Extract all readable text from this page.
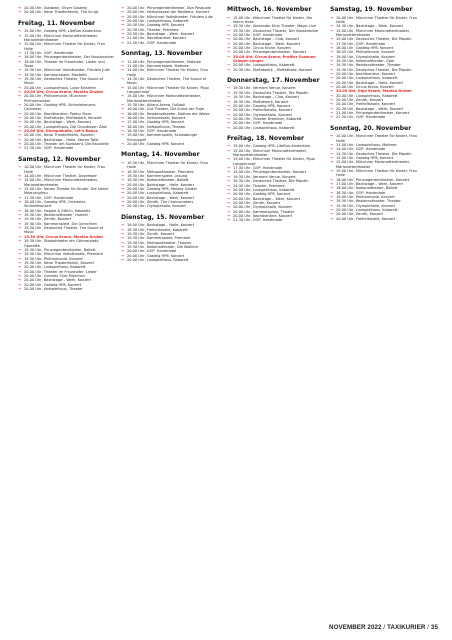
→ 20.00 Uhr, Subtown, Oliver Gasteig
→ 20.00 Uhr, Neue Theaterfabrik, The Script
Freitag, 11. November
→ 15.00 Uhr, Gasteig HP8, LiteRun-Kinderkino
→ 15.00 Uhr, Münchner Marionettentheater, Marionettentheater
→ 15.00 Uhr, Münchner Theater für Kinder, Frau Holle
→ 17.30 Uhr, GOP, Handmade
→ 19.00 Uhr, Prinzregententheater, Der Nussknacker
→ 19.00 Uhr, Theater im Fraunhofer, Lieder und Texte
→ 19.30 Uhr, Münchner Volkstheater, Fräulein Julie
→ 19.30 Uhr, Kammerspiele, Macbeth
→ 19.30 Uhr, Deutsches Theater, The Sound of Music
→ 20.00 Uhr, Lustspielhaus, Luise Kinseher
→ 20.00 Uhr, Circus Krone, Monika Gruber
→ 20.00 Uhr, Philharmonie, Münchner Philharmoniker
→ 20.00 Uhr, Gasteig HP8, Sinfoniekonzert, Orchester
→ 20.00 Uhr, Nachtkantine, Poetry Slam
→ 20.00 Uhr, Muffathalle, Muffatwerk, Konzert
→ 20.00 Uhr, Backstage – Werk, Konzert
→ 20.00 Uhr, Lustspielhaus, Die Grandiosen Zwei
→ 20.00 Uhr, Olympiahalle, Let’s Dance
→ 20.00 Uhr, Neue Theaterfabrik, Konzert
→ 20.00 Uhr, Backstage – Halle, Stereo Total
→ 20.00 Uhr, Theater am Sozialamt, Die Baustelle
→ 21.30 Uhr, GOP, Handmade
Samstag, 12. November
→ 10.00 Uhr, Münchner Theater für Kinder, Frau Holle
→ 14.00 Uhr, Münchner Theater, Dezember
→ 15.00 Uhr, Münchner Marionettentheater, Marionettentheater
→ 15.00 Uhr, Neues Theater für Kinder, Die kleine Meerjungfrau
→ 17.30 Uhr, GOP, Handmade
→ 18.00 Uhr, Gasteig HP8, Orchester, Sinfoniekonzert
→ 18.00 Uhr, Heppel & Ettlich, Kabarett
→ 19.30 Uhr, Residenztheater, Hamlet
→ 19.30 Uhr, Zenith, Konzert
→ 19.30 Uhr, Kammerspiele, Die Gerechten
→ 19.30 Uhr, Deutsches Theater, The Sound of Music
→ 19.30 Uhr, Circus Krone, Monika Gruber
→ 19.30 Uhr, Staatstheater am Gärtnerplatz, Operette
→ 19.30 Uhr, Prinzregententheater, Ballett
→ 19.30 Uhr, Münchner Volkstheater, Premiere
→ 19.30 Uhr, Philharmonie, Konzert
→ 19.30 Uhr, Neue Theaterfabrik, Konzert
→ 20.00 Uhr, Lustspielhaus, Kabarett
→ 20.00 Uhr, Theater im Fraunhofer, Lieder
→ 20.00 Uhr, Comedy Club München
→ 20.00 Uhr, Backstage – Werk, Konzert
→ 20.00 Uhr, Gasteig HP8, Konzert
→ 20.00 Uhr, Hofspielhaus, Theater
→ 20.00 Uhr, Prinzregententheater, Don Pasquale
→ 20.00 Uhr, Herkulessaal der Residenz, Konzert
→ 20.00 Uhr, Münchner Volkstheater, Fräulein Julie
→ 20.00 Uhr, Lustspielhaus, Kabarett
→ 20.30 Uhr, Gasteig HP8, Konzert
→ 20.30 Uhr, Theater, Premiere
→ 20.30 Uhr, Backstage – Werk, Konzert
→ 21.00 Uhr, Nachtkantine, Konzert
→ 21.30 Uhr, GOP, Handmade
Sonntag, 13. November
→ 11.00 Uhr, Prinzregententheater, Matinee
→ 11.00 Uhr, Kammerspiele, Matinee
→ 14.00 Uhr, Münchner Theater für Kinder, Frau Holle
→ 14.30 Uhr, Deutsches Theater, The Sound of Music
→ 15.00 Uhr, Münchner Theater für Kinder, Pippi Langstrumpf
→ 15.00 Uhr, Münchner Marionettentheater, Marionettentheater
→ 15.30 Uhr, Allianz Arena, Fußball
→ 16.00 Uhr, Gut Theater, Die Kunst der Fuge
→ 16.00 Uhr, Residenztheater, Nathan der Weise
→ 16.00 Uhr, Herkulessaal, Konzert
→ 17.00 Uhr, Gasteig HP8, Konzert
→ 18.00 Uhr, Hofspielhaus, Theater
→ 18.30 Uhr, GOP, Handmade
→ 19.00 Uhr, Kammerspiele, Schwabinger Schauspiel
→ 20.00 Uhr, Gasteig HP8, Konzert
Montag, 14. November
→ 10.30 Uhr, Münchner Theater für Kinder, Frau Holle
→ 19.30 Uhr, Metropoltheater, Premiere
→ 19.30 Uhr, Kammerspiele, Lesung
→ 19.30 Uhr, Nationaltheater, Ballett
→ 20.00 Uhr, Backstage – Halle, Konzert
→ 20.00 Uhr, Gasteig HP8, Melody Gardot
→ 20.00 Uhr, Lustspielhaus, Kabarett
→ 20.00 Uhr, Backstage – Werk, Konzert
→ 20.00 Uhr, Zenith, The Chainsmokers
→ 20.30 Uhr, Olympiahalle, Konzert
Dienstag, 15. November
→ 19.00 Uhr, Backstage – Halle, Konzert
→ 19.30 Uhr, Freiheitshalle, Kabarett
→ 19.30 Uhr, Zenith, Konzert
→ 19.30 Uhr, Kammerspiele, Premiere
→ 19.30 Uhr, Metropoltheater, Theater
→ 19.30 Uhr, Nationaltheater, Die Walküre
→ 20.00 Uhr, GOP, Handmade
→ 20.00 Uhr, Gasteig HP8, Konzert
→ 20.00 Uhr, Lustspielhaus, Kabarett
Mittwoch, 16. November
→ 15.00 Uhr, Münchner Theater für Kinder, Die kleine Hexe
→ 19.30 Uhr, Alexander Kirst Theater, Magic Live
→ 19.30 Uhr, Deutsches Theater, Der Nussknacker
→ 20.00 Uhr, GOP, Handmade
→ 20.00 Uhr, Backstage – Club, Konzert
→ 20.00 Uhr, Backstage – Werk, Konzert
→ 20.00 Uhr, Circus Krone, Konzert
→ 20.00 Uhr, Prinzregententheater, Konzert
→ 20.00 Uhr, Circus Krone, Profiler Suzanne Grieger-Langer
→ 20.00 Uhr, Lustspielhaus, Kabarett
→ 20.30 Uhr, Muffatwerk – Muffathalle, Konzert
Donnerstag, 17. November
→ 19.30 Uhr, Vermont Venue, Konzert
→ 19.30 Uhr, Deutsches Theater, Die Päpstin
→ 19.30 Uhr, Backstage – Club, Konzert
→ 19.30 Uhr, Muffatwerk, Konzert
→ 20.00 Uhr, Gasteig HP8, Konzert
→ 20.00 Uhr, Freiheitshalle, Konzert
→ 20.00 Uhr, Olympiahalle, Konzert
→ 20.00 Uhr, Theater Drehleier, Kabarett
→ 20.00 Uhr, GOP, Handmade
→ 20.00 Uhr, Lustspielhaus, Kabarett
Freitag, 18. November
→ 15.00 Uhr, Gasteig HP8, LiteRun-Kinderkino
→ 15.00 Uhr, Münchner Marionettentheater, Marionettentheater
→ 15.00 Uhr, Münchner Theater für Kinder, Pippi Langstrumpf
→ 17.30 Uhr, GOP, Handmade
→ 19.00 Uhr, Prinzregententheater, Konzert
→ 19.30 Uhr, Vermont Venue, Konzert
→ 19.30 Uhr, Deutsches Theater, Die Päpstin
→ 19.30 Uhr, Theater, Premiere
→ 20.00 Uhr, Lustspielhaus, Kabarett
→ 20.00 Uhr, Gasteig HP8, Konzert
→ 20.00 Uhr, Backstage – Werk, Konzert
→ 20.00 Uhr, Zenith, Konzert
→ 20.00 Uhr, Olympiahalle, Konzert
→ 20.00 Uhr, Kammerspiele, Theater
→ 20.00 Uhr, Nachtkantine, Konzert
→ 21.30 Uhr, GOP, Handmade
Samstag, 19. November
→ 10.00 Uhr, Münchner Theater für Kinder, Frau Holle
→ 14.30 Uhr, Backstage – Werk, Konzert
→ 15.00 Uhr, Münchner Marionettentheater, Marionettentheater
→ 15.00 Uhr, Deutsches Theater, Die Päpstin
→ 17.30 Uhr, GOP, Handmade
→ 18.00 Uhr, Gasteig HP8, Konzert
→ 18.45 Uhr, Philharmonie, Konzert
→ 19.00 Uhr, Olympiahalle, Konzert
→ 19.30 Uhr, Nationaltheater, Oper
→ 19.30 Uhr, Residenztheater, Theater
→ 19.30 Uhr, Deutsches Theater, Die Päpstin
→ 20.00 Uhr, Nachtkantine, Konzert
→ 20.00 Uhr, Lustspielhaus, Kabarett
→ 20.00 Uhr, Backstage – Halle, Konzert
→ 20.00 Uhr, Circus Krone, Konzert
→ 20.00 Uhr, Olga Krone, Monika Gruber
→ 20.00 Uhr, Lustspielhaus, Kabarett
→ 20.00 Uhr, Zenith, Konzert
→ 20.00 Uhr, Freiheitshalle, Konzert
→ 20.30 Uhr, Backstage – Werk, Konzert
→ 21.00 Uhr, Prinzregententheater, Konzert
→ 21.30 Uhr, GOP, Handmade
Sonntag, 20. November
→ 10.00 Uhr, Münchner Theater für Kinder, Frau Holle
→ 11.00 Uhr, Lustspielhaus, Matinee
→ 14.00 Uhr, GOP, Handmade
→ 14.30 Uhr, Deutsches Theater, Die Päpstin
→ 15.00 Uhr, Gasteig HP8, Konzert
→ 15.00 Uhr, Münchner Marionettentheater, Marionettentheater
→ 15.00 Uhr, Münchner Theater für Kinder, Frau Holle
→ 16.00 Uhr, Prinzregententheater, Konzert
→ 17.00 Uhr, Backstage – Werk, Konzert
→ 18.00 Uhr, Nationaltheater, Ballett
→ 18.30 Uhr, GOP, Handmade
→ 19.00 Uhr, Philharmonie, Konzert
→ 19.30 Uhr, Residenztheater, Theater
→ 19.30 Uhr, Olympiahalle, Konzert
→ 20.00 Uhr, Lustspielhaus, Kabarett
→ 20.00 Uhr, Zenith, Konzert
→ 20.00 Uhr, Freiheitshalle, Konzert
NOVEMBER 2022 / TAXIKURIER / 35
